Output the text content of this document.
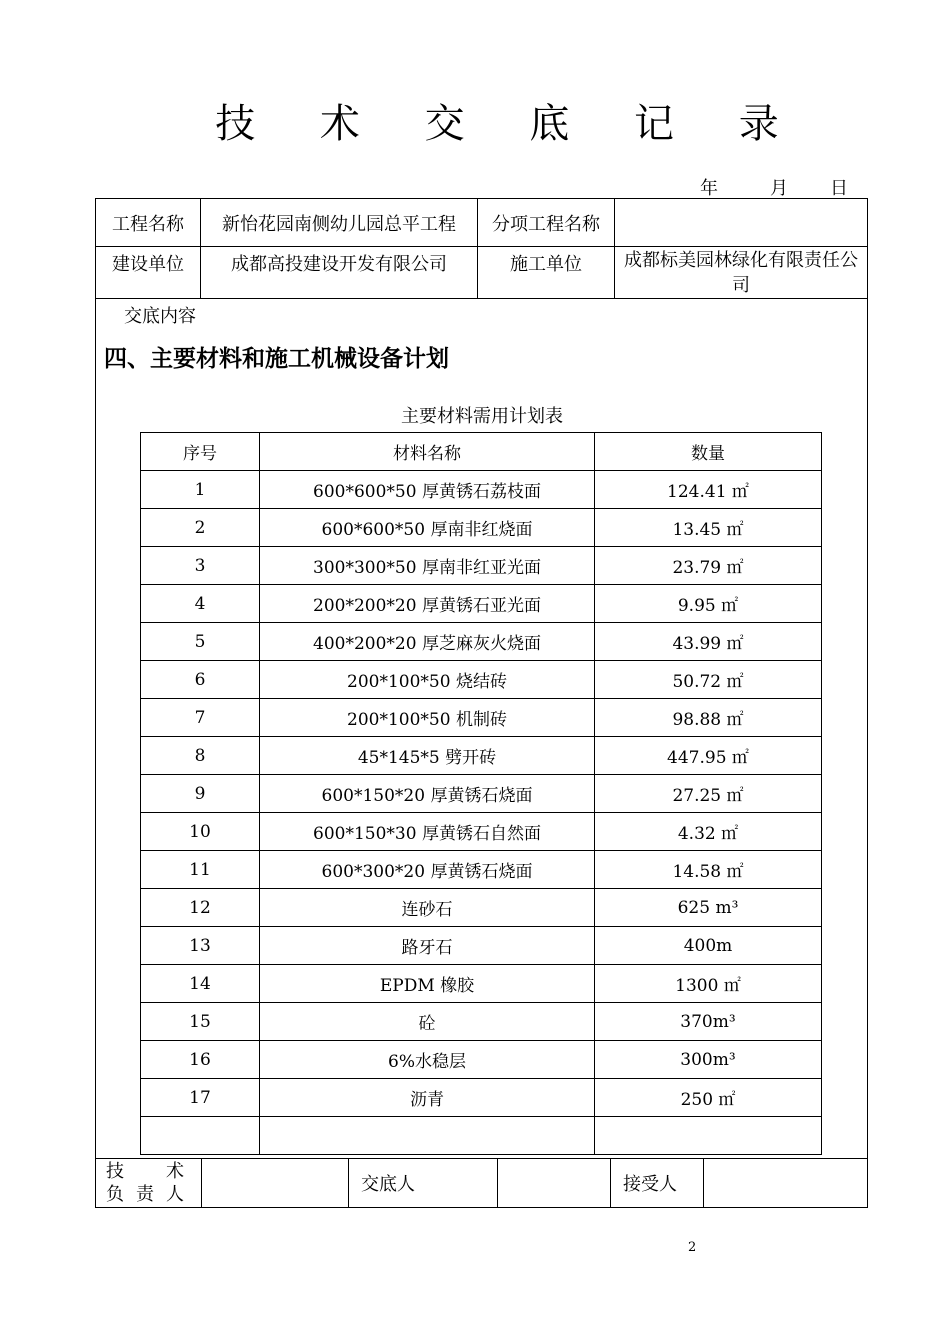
技 术 交 底 记 录
年	月 日
工程名称	新怡花园南侧幼儿园总平工程	分项工程名称	
建设单位	成都高投建设开发有限公司	施工单位	成都标美园林绿化有限责任公司
交底内容
四、主要材料和施工机械设备计划
主要材料需用计划表
序号	材料名称	数量
1	600*600*50 厚黄锈石荔枝面	124.41 ㎡
2	600*600*50 厚南非红烧面	13.45 ㎡
3	300*300*50 厚南非红亚光面	23.79 ㎡
4	200*200*20 厚黄锈石亚光面	9.95 ㎡
5	400*200*20 厚芝麻灰火烧面	43.99 ㎡
6	200*100*50 烧结砖	50.72 ㎡
7	200*100*50 机制砖	98.88 ㎡
8	45*145*5 劈开砖	447.95 ㎡
9	600*150*20 厚黄锈石烧面	27.25 ㎡
10	600*150*30 厚黄锈石自然面	4.32 ㎡
11	600*300*20 厚黄锈石烧面	14.58 ㎡
12	连砂石	625 m³
13	路牙石	400m
14	EPDM 橡胶	1300 ㎡
15	砼	370m³
16	6%水稳层	300m³
17	沥青	250 ㎡

技 术
负 责 人		交底人		接受人	
2
